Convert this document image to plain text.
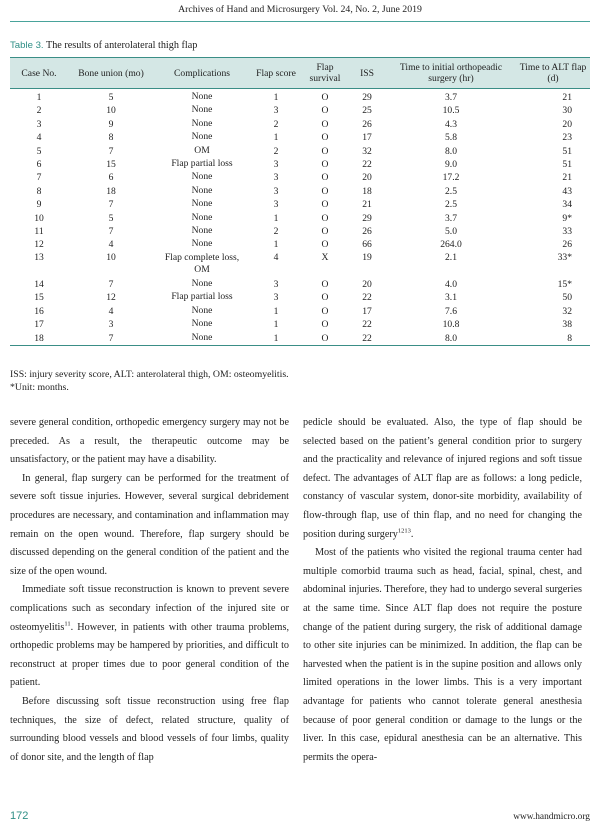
Archives of Hand and Microsurgery Vol. 24, No. 2, June 2019
Table 3. The results of anterolateral thigh flap
Case No.	Bone union (mo)	Complications	Flap score	Flap survival	ISS	Time to initial orthopeadic surgery (hr)	Time to ALT flap (d)
1	5	None	1	O	29	3.7	21
2	10	None	3	O	25	10.5	30
3	9	None	2	O	26	4.3	20
4	8	None	1	O	17	5.8	23
5	7	OM	2	O	32	8.0	51
6	15	Flap partial loss	3	O	22	9.0	51
7	6	None	3	O	20	17.2	21
8	18	None	3	O	18	2.5	43
9	7	None	3	O	21	2.5	34
10	5	None	1	O	29	3.7	9*
11	7	None	2	O	26	5.0	33
12	4	None	1	O	66	264.0	26
13	10	Flap complete loss, OM	4	X	19	2.1	33*
14	7	None	3	O	20	4.0	15*
15	12	Flap partial loss	3	O	22	3.1	50
16	4	None	1	O	17	7.6	32
17	3	None	1	O	22	10.8	38
18	7	None	1	O	22	8.0	8
ISS: injury severity score, ALT: anterolateral thigh, OM: osteomyelitis.
*Unit: months.

severe general condition, orthopedic emergency surgery may not be preceded. As a result, the therapeutic outcome may be unsatisfactory, or the patient may have a disability.

In general, flap surgery can be performed for the treatment of severe soft tissue injuries. However, several surgical debridement procedures are necessary, and contamination and inflammation may remain on the open wound. Therefore, flap surgery should be discussed depending on the general condition of the patient and the size of the open wound.

Immediate soft tissue reconstruction is known to prevent severe complications such as secondary infection of the injured site or osteomyelitis$^{11}$. However, in patients with other trauma problems, orthopedic problems may be hampered by priorities, and difficult to reconstruct at proper times due to poor general condition of the patient.

Before discussing soft tissue reconstruction using free flap techniques, the size of defect, related structure, quality of surrounding blood vessels and blood vessels of four limbs, quality of donor site, and the length of flap

pedicle should be evaluated. Also, the type of flap should be selected based on the patient’s general condition prior to surgery and the practicality and relevance of injured regions and soft tissue defect. The advantages of ALT flap are as follows: a long pedicle, constancy of vascular system, donor-site morbidity, availability of flow-through flap, use of thin flap, and no need for changing the position during surgery$^{1213}$.

Most of the patients who visited the regional trauma center had multiple comorbid trauma such as head, facial, spinal, chest, and abdominal injuries. Therefore, they had to undergo several surgeries at the same time. Since ALT flap does not require the posture change of the patient during surgery, the risk of additional damage to other site injuries can be minimized. In addition, the flap can be harvested when the patient is in the supine position and allows only limited operations in the lower limbs. This is a very important advantage for patients who cannot tolerate general anesthesia because of poor general condition or damage to the lungs or the liver. In this case, epidural anesthesia can be an alternative. This permits the opera-

172	www.handmicro.org
